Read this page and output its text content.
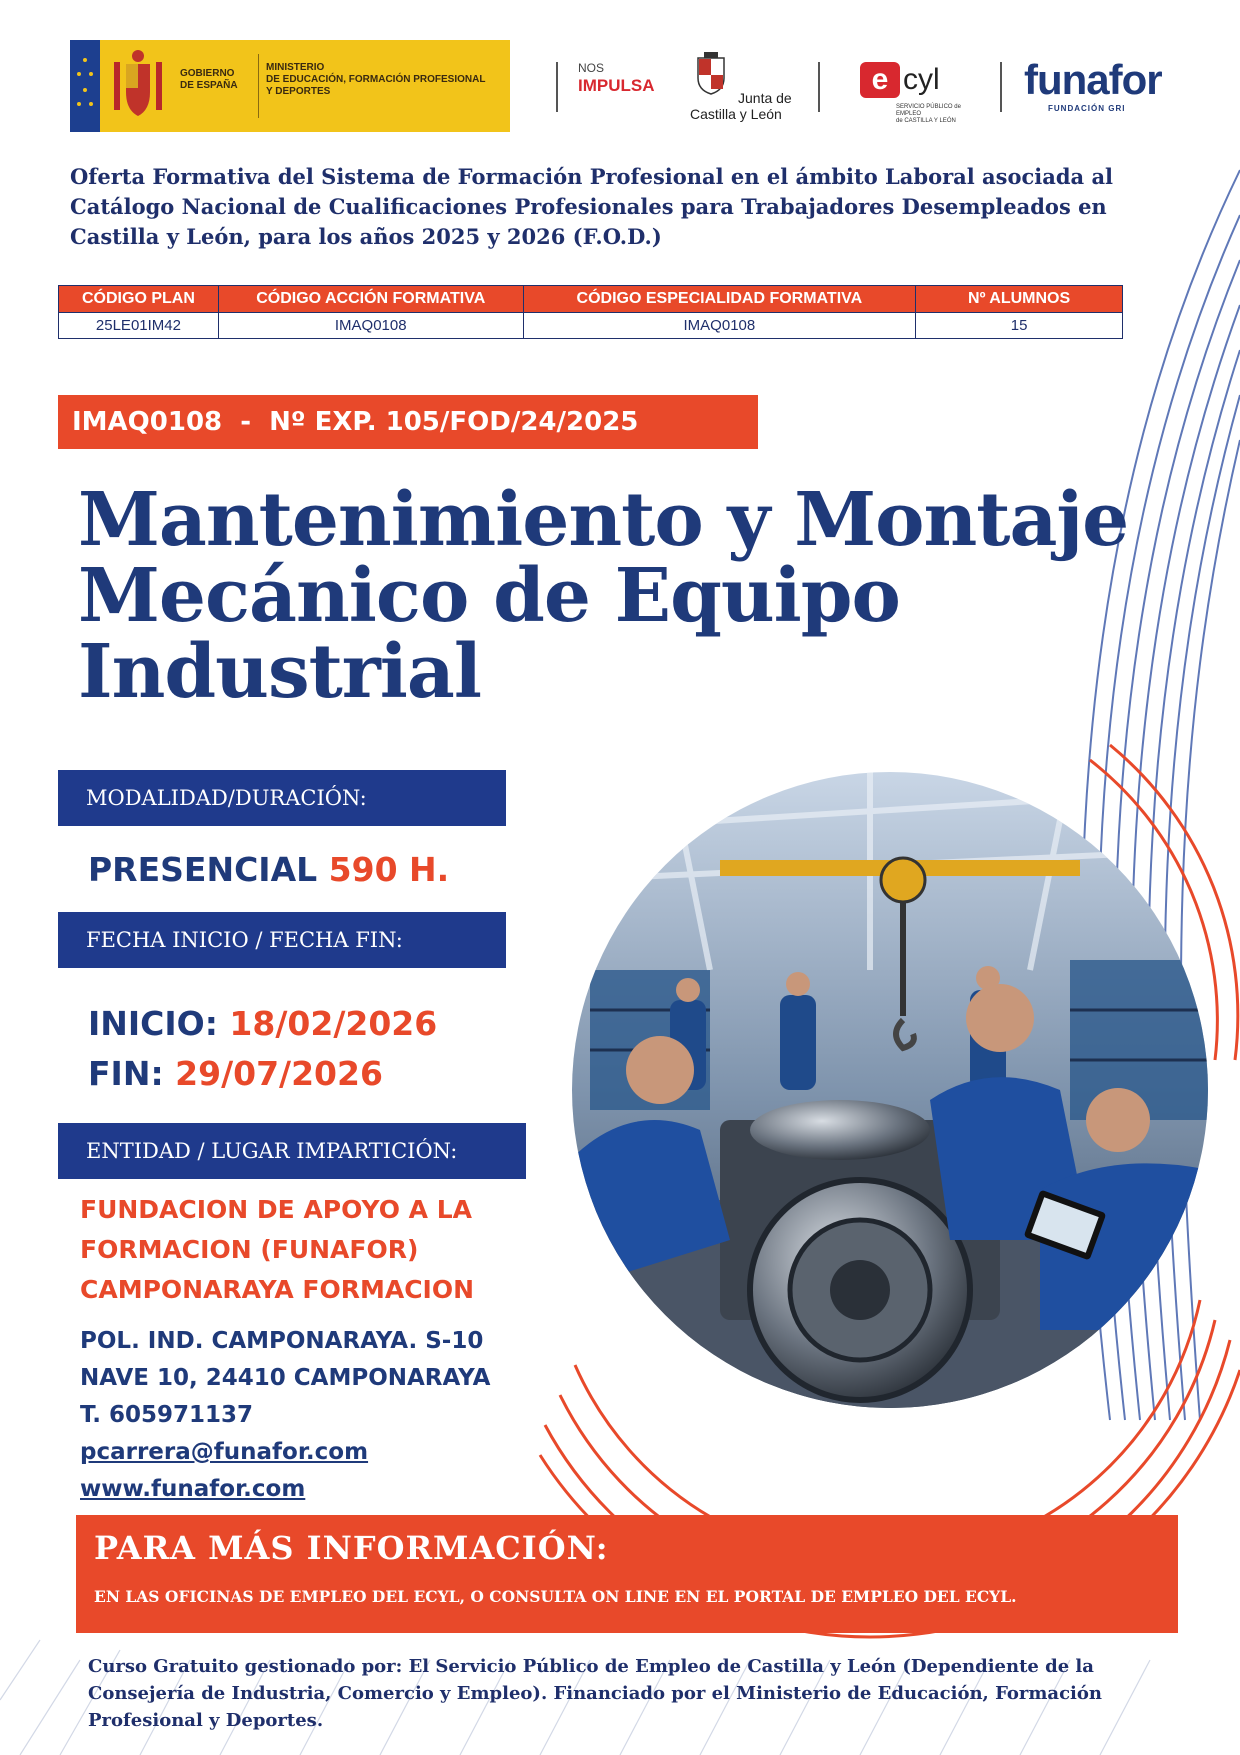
GOBIERNO
DE ESPAÑA
MINISTERIO
DE EDUCACIÓN, FORMACIÓN PROFESIONAL
Y DEPORTES
NOS
IMPULSA
Junta de
Castilla y León
e cyl
SERVICIO PÚBLICO de EMPLEO
de CASTILLA Y LEÓN
funafor
FUNDACIÓN GRI
Oferta Formativa del Sistema de Formación Profesional en el ámbito Laboral asociada al Catálogo Nacional de Cualificaciones Profesionales para Trabajadores Desempleados en Castilla y León, para los años 2025 y 2026 (F.O.D.)
CÓDIGO PLAN	CÓDIGO ACCIÓN FORMATIVA	CÓDIGO ESPECIALIDAD FORMATIVA	Nº ALUMNOS
25LE01IM42	IMAQ0108	IMAQ0108	15
IMAQ0108  -  Nº EXP. 105/FOD/24/2025
Mantenimiento y Montaje Mecánico de Equipo Industrial
MODALIDAD/DURACIÓN:
PRESENCIAL 590 H.
FECHA INICIO / FECHA FIN:
INICIO: 18/02/2026
FIN: 29/07/2026
ENTIDAD / LUGAR IMPARTICIÓN:
FUNDACION DE APOYO A LA
FORMACION (FUNAFOR)
CAMPONARAYA FORMACION
POL. IND. CAMPONARAYA. S-10
NAVE 10, 24410 CAMPONARAYA
T. 605971137
pcarrera@funafor.com
www.funafor.com
PARA MÁS INFORMACIÓN:
EN LAS OFICINAS DE EMPLEO DEL ECYL, O CONSULTA ON LINE EN EL PORTAL DE EMPLEO DEL ECYL.
Curso Gratuito gestionado por: El Servicio Público de Empleo de Castilla y León (Dependiente de la Consejería de Industria, Comercio y Empleo). Financiado por el Ministerio de Educación, Formación Profesional y Deportes.
